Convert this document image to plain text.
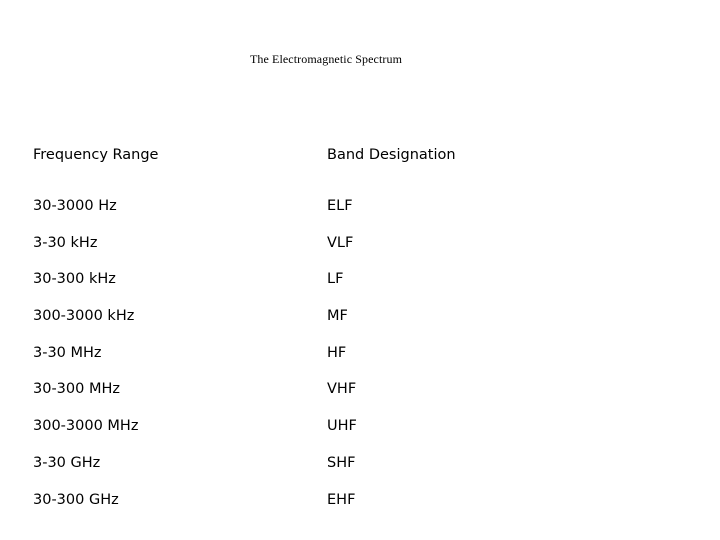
The Electromagnetic Spectrum
Frequency Range	Band Designation
30-3000 Hz	ELF
3-30 kHz	VLF
30-300 kHz	LF
300-3000 kHz	MF
3-30 MHz	HF
30-300 MHz	VHF
300-3000 MHz	UHF
3-30 GHz	SHF
30-300 GHz	EHF
